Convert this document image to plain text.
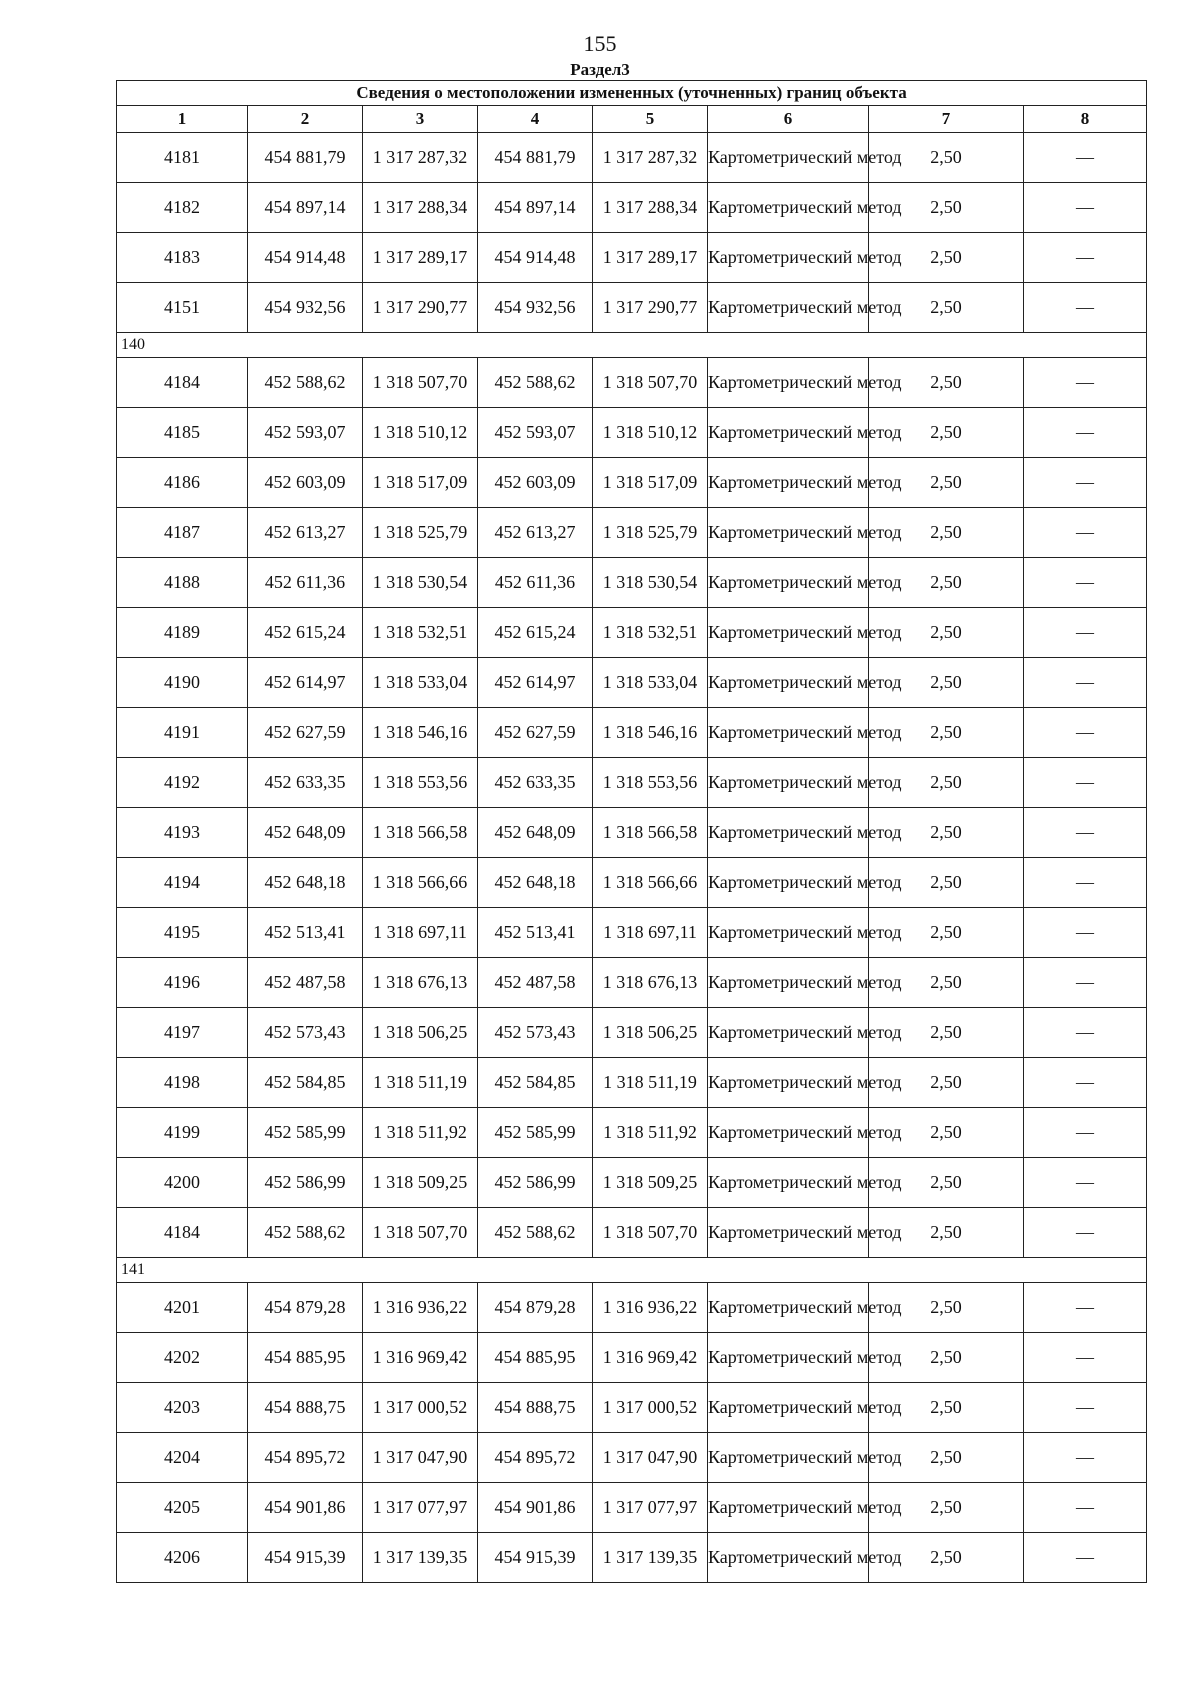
155
Раздел3
Сведения о местоположении измененных (уточненных) границ объекта							
1	2	3	4	5	6	7	8
4181	454 881,79	1 317 287,32	454 881,79	1 317 287,32	Картометрический метод	2,50	—
4182	454 897,14	1 317 288,34	454 897,14	1 317 288,34	Картометрический метод	2,50	—
4183	454 914,48	1 317 289,17	454 914,48	1 317 289,17	Картометрический метод	2,50	—
4151	454 932,56	1 317 290,77	454 932,56	1 317 290,77	Картометрический метод	2,50	—
140							
4184	452 588,62	1 318 507,70	452 588,62	1 318 507,70	Картометрический метод	2,50	—
4185	452 593,07	1 318 510,12	452 593,07	1 318 510,12	Картометрический метод	2,50	—
4186	452 603,09	1 318 517,09	452 603,09	1 318 517,09	Картометрический метод	2,50	—
4187	452 613,27	1 318 525,79	452 613,27	1 318 525,79	Картометрический метод	2,50	—
4188	452 611,36	1 318 530,54	452 611,36	1 318 530,54	Картометрический метод	2,50	—
4189	452 615,24	1 318 532,51	452 615,24	1 318 532,51	Картометрический метод	2,50	—
4190	452 614,97	1 318 533,04	452 614,97	1 318 533,04	Картометрический метод	2,50	—
4191	452 627,59	1 318 546,16	452 627,59	1 318 546,16	Картометрический метод	2,50	—
4192	452 633,35	1 318 553,56	452 633,35	1 318 553,56	Картометрический метод	2,50	—
4193	452 648,09	1 318 566,58	452 648,09	1 318 566,58	Картометрический метод	2,50	—
4194	452 648,18	1 318 566,66	452 648,18	1 318 566,66	Картометрический метод	2,50	—
4195	452 513,41	1 318 697,11	452 513,41	1 318 697,11	Картометрический метод	2,50	—
4196	452 487,58	1 318 676,13	452 487,58	1 318 676,13	Картометрический метод	2,50	—
4197	452 573,43	1 318 506,25	452 573,43	1 318 506,25	Картометрический метод	2,50	—
4198	452 584,85	1 318 511,19	452 584,85	1 318 511,19	Картометрический метод	2,50	—
4199	452 585,99	1 318 511,92	452 585,99	1 318 511,92	Картометрический метод	2,50	—
4200	452 586,99	1 318 509,25	452 586,99	1 318 509,25	Картометрический метод	2,50	—
4184	452 588,62	1 318 507,70	452 588,62	1 318 507,70	Картометрический метод	2,50	—
141							
4201	454 879,28	1 316 936,22	454 879,28	1 316 936,22	Картометрический метод	2,50	—
4202	454 885,95	1 316 969,42	454 885,95	1 316 969,42	Картометрический метод	2,50	—
4203	454 888,75	1 317 000,52	454 888,75	1 317 000,52	Картометрический метод	2,50	—
4204	454 895,72	1 317 047,90	454 895,72	1 317 047,90	Картометрический метод	2,50	—
4205	454 901,86	1 317 077,97	454 901,86	1 317 077,97	Картометрический метод	2,50	—
4206	454 915,39	1 317 139,35	454 915,39	1 317 139,35	Картометрический метод	2,50	—
